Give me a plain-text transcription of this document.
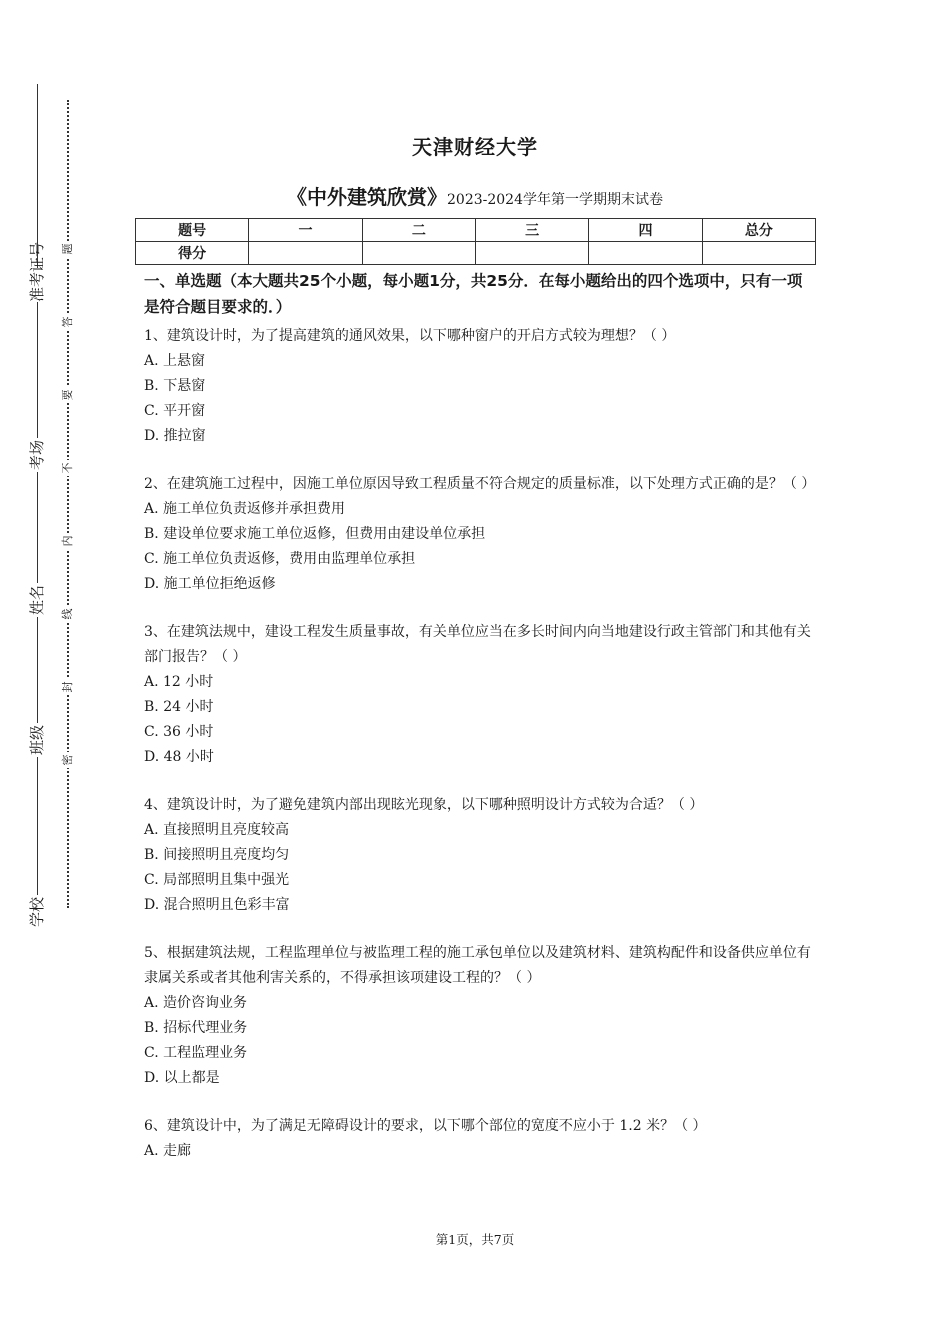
准考证号
考场
姓名
班级
学校
题
答
要
不
内
线
封
密
天津财经大学
《中外建筑欣赏》2023-2024学年第一学期期末试卷
题号	一	二	三	四	总分
得分					

一、单选题（本大题共25个小题，每小题1分，共25分．在每小题给出的四个选项中，只有一项是符合题目要求的．）

1、建筑设计时，为了提高建筑的通风效果，以下哪种窗户的开启方式较为理想？（ ）

A. 上悬窗

B. 下悬窗

C. 平开窗

D. 推拉窗

2、在建筑施工过程中，因施工单位原因导致工程质量不符合规定的质量标准，以下处理方式正确的是？（ ）

A. 施工单位负责返修并承担费用

B. 建设单位要求施工单位返修，但费用由建设单位承担

C. 施工单位负责返修，费用由监理单位承担

D. 施工单位拒绝返修

3、在建筑法规中，建设工程发生质量事故，有关单位应当在多长时间内向当地建设行政主管部门和其他有关部门报告？（ ）

A. 12 小时

B. 24 小时

C. 36 小时

D. 48 小时

4、建筑设计时，为了避免建筑内部出现眩光现象，以下哪种照明设计方式较为合适？（ ）

A. 直接照明且亮度较高

B. 间接照明且亮度均匀

C. 局部照明且集中强光

D. 混合照明且色彩丰富

5、根据建筑法规，工程监理单位与被监理工程的施工承包单位以及建筑材料、建筑构配件和设备供应单位有隶属关系或者其他利害关系的，不得承担该项建设工程的？（ ）

A. 造价咨询业务

B. 招标代理业务

C. 工程监理业务

D. 以上都是

6、建筑设计中，为了满足无障碍设计的要求，以下哪个部位的宽度不应小于 1.2 米？（ ）

A. 走廊

第1页，共7页
